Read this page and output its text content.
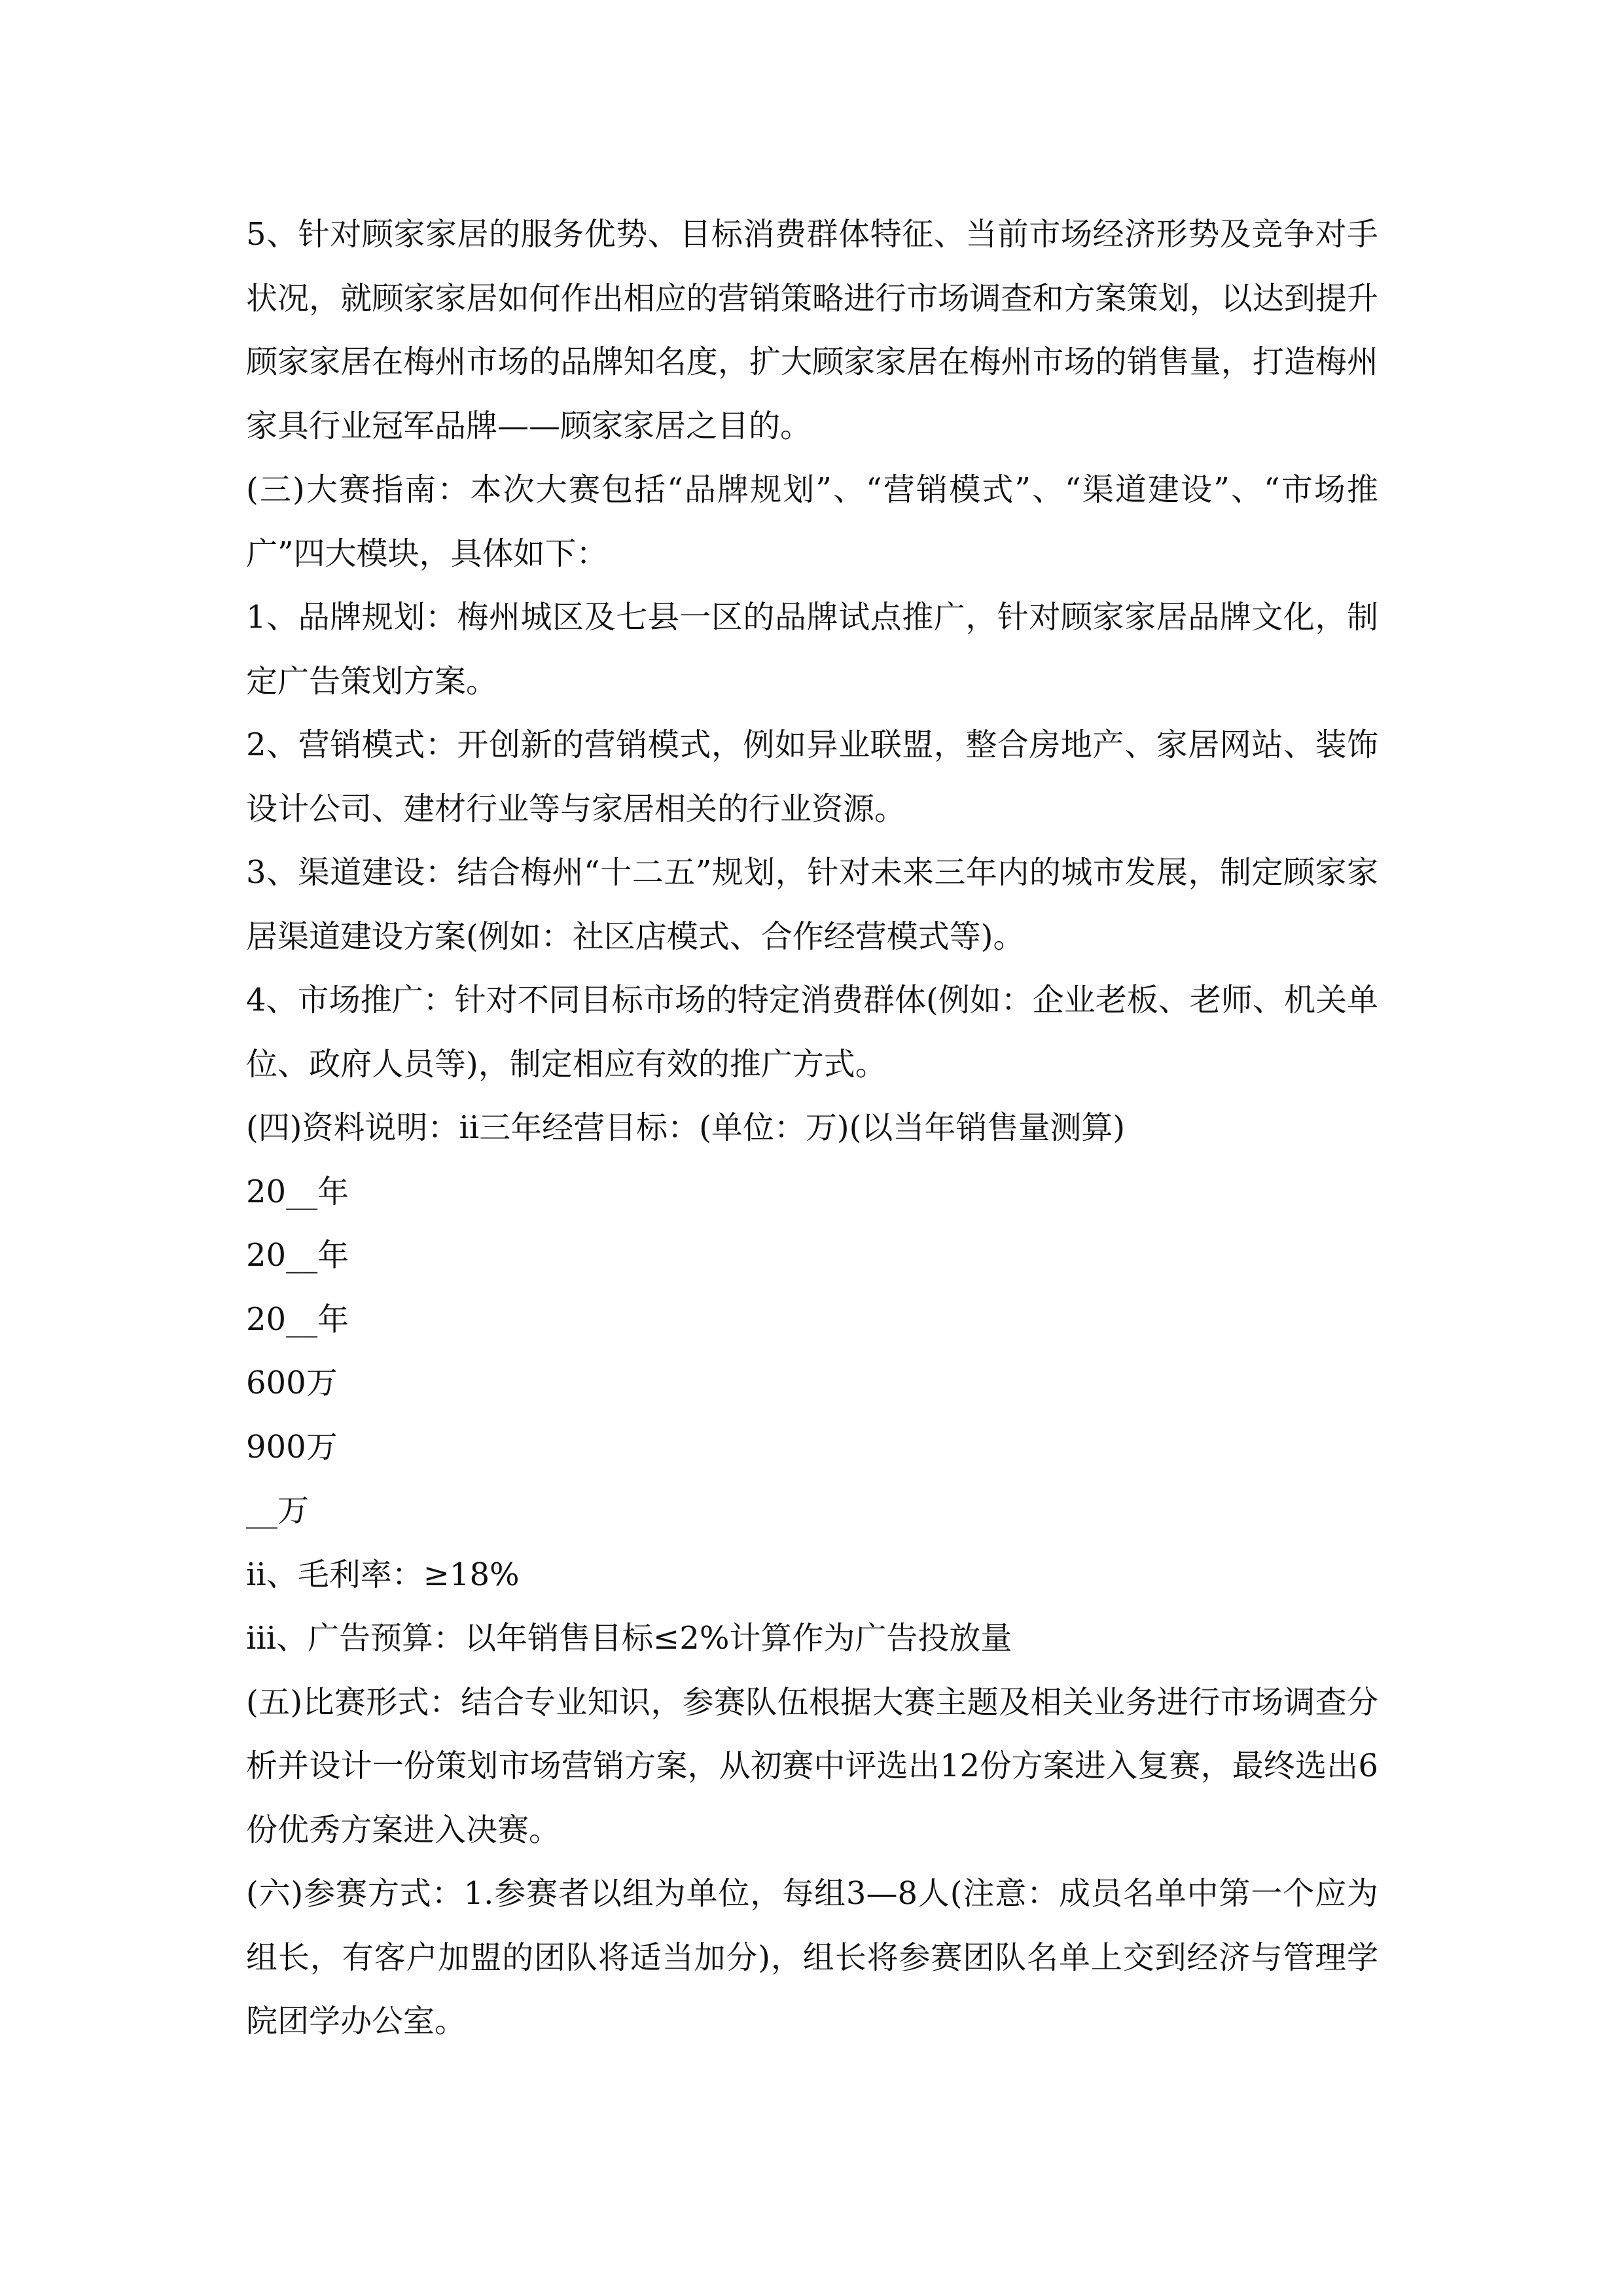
5、针对顾家家居的服务优势、目标消费群体特征、当前市场经济形势及竞争对手状况，就顾家家居如何作出相应的营销策略进行市场调查和方案策划，以达到提升顾家家居在梅州市场的品牌知名度，扩大顾家家居在梅州市场的销售量，打造梅州家具行业冠军品牌——顾家家居之目的。

(三)大赛指南：本次大赛包括“品牌规划”、“营销模式”、“渠道建设”、“市场推广”四大模块，具体如下：

1、品牌规划：梅州城区及七县一区的品牌试点推广，针对顾家家居品牌文化，制定广告策划方案。

2、营销模式：开创新的营销模式，例如异业联盟，整合房地产、家居网站、装饰设计公司、建材行业等与家居相关的行业资源。

3、渠道建设：结合梅州“十二五”规划，针对未来三年内的城市发展，制定顾家家居渠道建设方案(例如：社区店模式、合作经营模式等)。

4、市场推广：针对不同目标市场的特定消费群体(例如：企业老板、老师、机关单位、政府人员等)，制定相应有效的推广方式。

(四)资料说明：ⅱ三年经营目标：(单位：万)(以当年销售量测算)

20__年

20__年

20__年

600万

900万

__万

ⅱ、毛利率：≥18%

ⅲ、广告预算：以年销售目标≤2%计算作为广告投放量

(五)比赛形式：结合专业知识，参赛队伍根据大赛主题及相关业务进行市场调查分析并设计一份策划市场营销方案，从初赛中评选出12份方案进入复赛，最终选出6份优秀方案进入决赛。

(六)参赛方式：1.参赛者以组为单位，每组3—8人(注意：成员名单中第一个应为组长，有客户加盟的团队将适当加分)，组长将参赛团队名单上交到经济与管理学院团学办公室。
